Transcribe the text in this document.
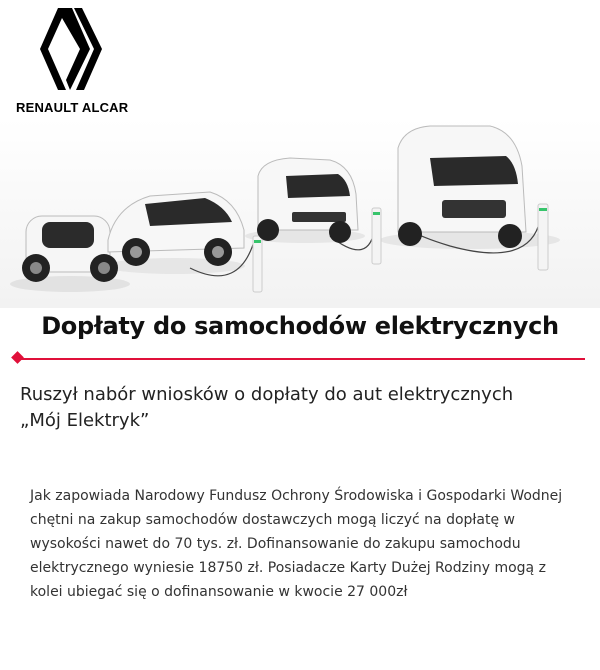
RENAULT ALCAR
Dopłaty do samochodów elektrycznych
Ruszył nabór wniosków o dopłaty do aut elektrycznych
„Mój Elektryk”
Jak zapowiada Narodowy Fundusz Ochrony Środowiska i Gospodarki Wodnej chętni na zakup samochodów dostawczych mogą liczyć na dopłatę w wysokości nawet do 70 tys. zł. Dofinansowanie do zakupu samochodu elektrycznego wyniesie 18750 zł. Posiadacze Karty Dużej Rodziny mogą z kolei ubiegać się o dofinansowanie w kwocie 27 000zł
